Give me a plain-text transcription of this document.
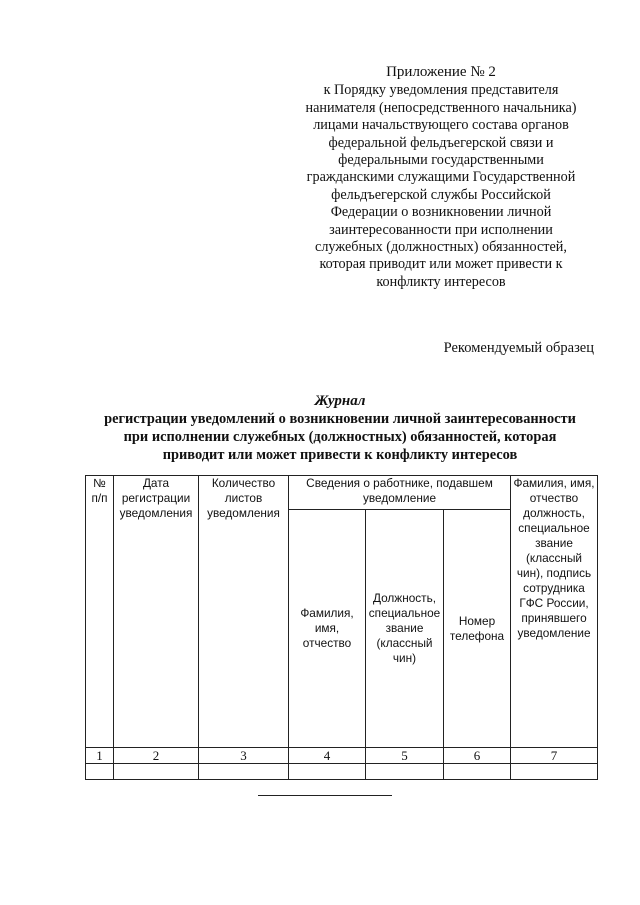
Приложение № 2
к Порядку уведомления представителя
нанимателя (непосредственного начальника)
лицами начальствующего состава органов
федеральной фельдъегерской связи и
федеральными государственными
гражданскими служащими Государственной
фельдъегерской службы Российской
Федерации о возникновении личной
заинтересованности при исполнении
служебных (должностных) обязанностей,
которая приводит или может привести к
конфликту интересов
Рекомендуемый образец
Журнал
регистрации уведомлений о возникновении личной заинтересованности
при исполнении служебных (должностных) обязанностей, которая
приводит или может привести к конфликту интересов
№ п/п	Дата регистрации уведомления	Количество листов уведомления	Сведения о работнике, подавшем уведомление			Фамилия, имя, отчество должность, специальное звание (классный чин), подпись сотрудника ГФС России, принявшего уведомление
			Фамилия, имя, отчество	Должность, специальное звание (классный чин)	Номер телефона	
1	2	3	4	5	6	7
